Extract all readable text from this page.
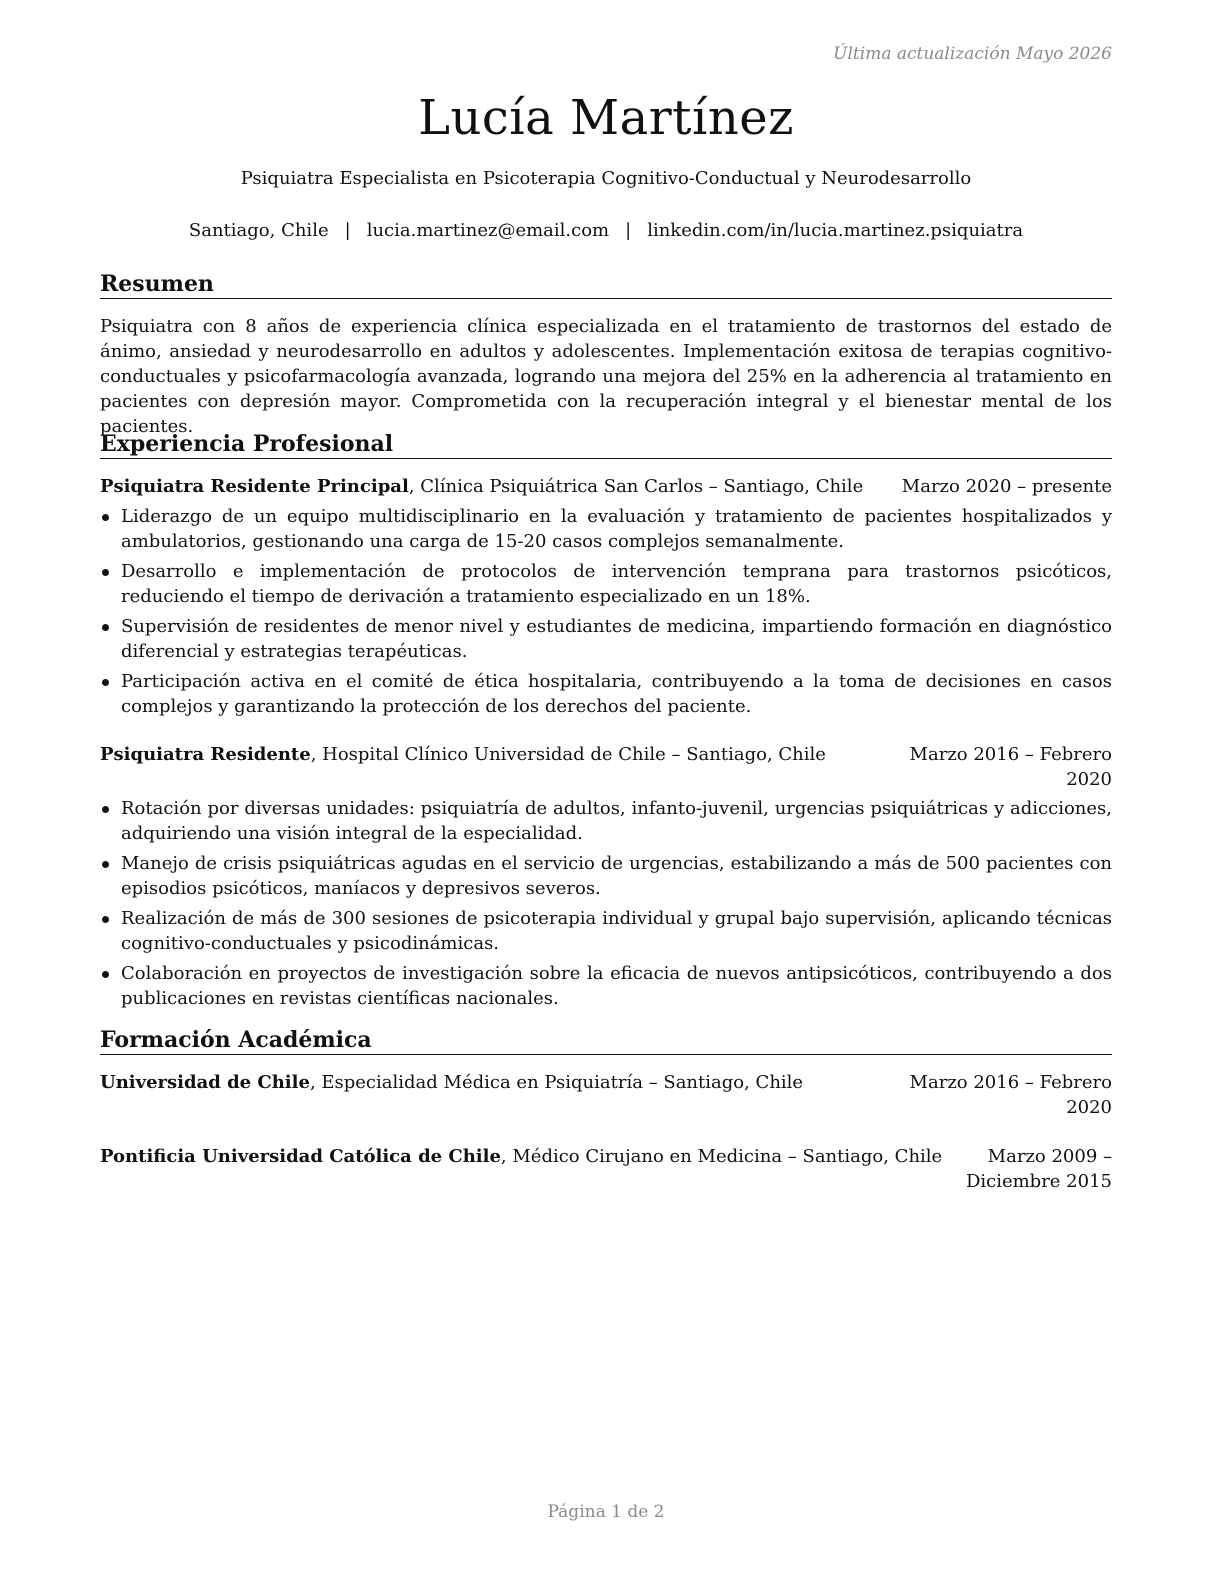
Última actualización Mayo 2026
Lucía Martínez
Psiquiatra Especialista en Psicoterapia Cognitivo-Conductual y Neurodesarrollo
Santiago, Chile | lucia.martinez@email.com | linkedin.com/in/lucia.martinez.psiquiatra
Resumen
Psiquiatra con 8 años de experiencia clínica especializada en el tratamiento de trastornos del estado de ánimo, ansiedad y neurodesarrollo en adultos y adolescentes. Implementación exitosa de terapias cognitivo-conductuales y psicofarmacología avanzada, logrando una mejora del 25% en la adherencia al tratamiento en pacientes con depresión mayor. Comprometida con la recuperación integral y el bienestar mental de los pacientes.
Experiencia Profesional
Psiquiatra Residente Principal, Clínica Psiquiátrica San Carlos – Santiago, Chile	Marzo 2020 – presente
Liderazgo de un equipo multidisciplinario en la evaluación y tratamiento de pacientes hospitalizados y ambulatorios, gestionando una carga de 15-20 casos complejos semanalmente.
Desarrollo e implementación de protocolos de intervención temprana para trastornos psicóticos, reduciendo el tiempo de derivación a tratamiento especializado en un 18%.
Supervisión de residentes de menor nivel y estudiantes de medicina, impartiendo formación en diagnóstico diferencial y estrategias terapéuticas.
Participación activa en el comité de ética hospitalaria, contribuyendo a la toma de decisiones en casos complejos y garantizando la protección de los derechos del paciente.
Psiquiatra Residente, Hospital Clínico Universidad de Chile – Santiago, Chile	Marzo 2016 – Febrero 2020
Rotación por diversas unidades: psiquiatría de adultos, infanto-juvenil, urgencias psiquiátricas y adicciones, adquiriendo una visión integral de la especialidad.
Manejo de crisis psiquiátricas agudas en el servicio de urgencias, estabilizando a más de 500 pacientes con episodios psicóticos, maníacos y depresivos severos.
Realización de más de 300 sesiones de psicoterapia individual y grupal bajo supervisión, aplicando técnicas cognitivo-conductuales y psicodinámicas.
Colaboración en proyectos de investigación sobre la eficacia de nuevos antipsicóticos, contribuyendo a dos publicaciones en revistas científicas nacionales.
Formación Académica
Universidad de Chile, Especialidad Médica en Psiquiatría – Santiago, Chile	Marzo 2016 – Febrero 2020
Pontificia Universidad Católica de Chile, Médico Cirujano en Medicina – Santiago, Chile	Marzo 2009 – Diciembre 2015
Página 1 de 2
